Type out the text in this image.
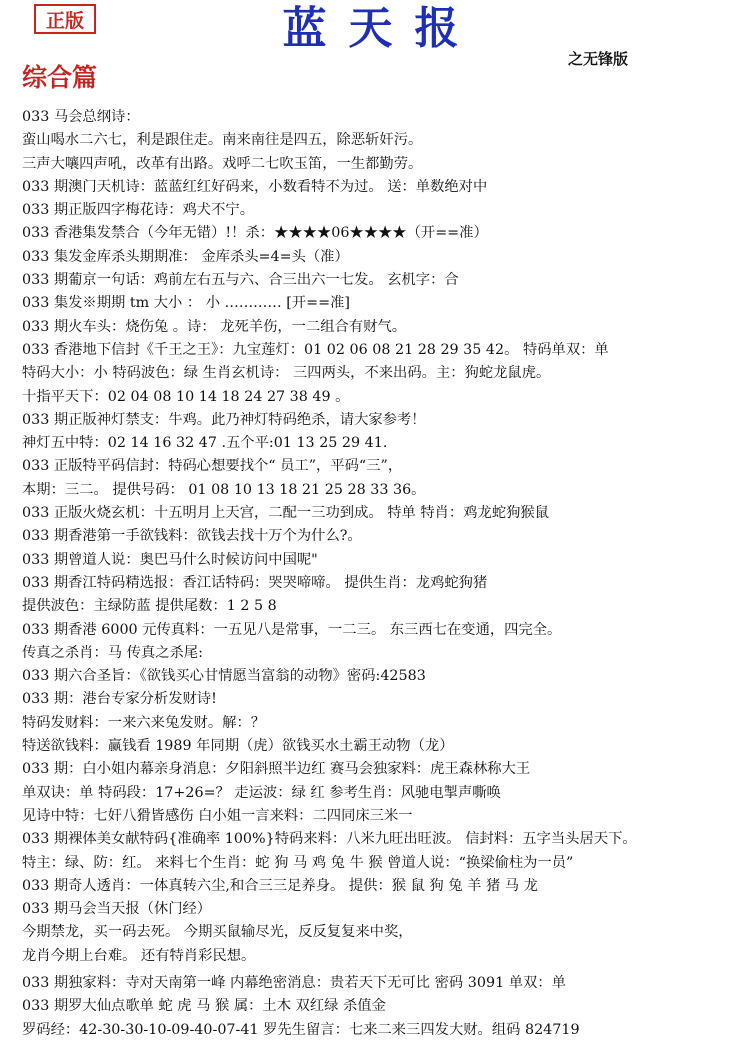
正版	蓝天报
之无锋版
综合篇
033 马会总纲诗：
蛮山喝水二六七，利是跟住走。南来南往是四五，除恶斩奸污。
三声大嚷四声吼，改革有出路。戏呼二七吹玉笛，一生都勤劳。
033 期澳门天机诗：蓝蓝红红好码来，小数看特不为过。 送：单数绝对中
033 期正版四字梅花诗：鸡犬不宁。
033 香港集发禁合（今年无错）!！杀：★★★★06★★★★（开==准）
033 集发金库杀头期期准： 金库杀头=4=头（准）
033 期葡京一句话：鸡前左右五与六、合三出六一七发。 玄机字：合
033 集发※期期 tm 大小 ： 小 ………… [开==准]
033 期火车头：烧伤兔 。诗： 龙死羊伤，一二组合有财气。
033 香港地下信封《千王之王》：九宝莲灯：01 02 06 08 21 28 29 35 42。 特码单双：单
特码大小：小 特码波色：绿 生肖玄机诗： 三四两头，不来出码。主：狗蛇龙鼠虎。
十指平天下：02 04 08 10 14 18 24 27 38 49 。
033 期正版神灯禁支：牛鸡。此乃神灯特码绝杀，请大家参考！
神灯五中特：02 14 16 32 47 .五个平:01 13 25 29 41.
033 正版特平码信封：特码心想要找个“ 员工”，平码“三”，
本期：三二。 提供号码： 01 08 10 13 18 21 25 28 33 36。
033 正版火烧玄机：十五明月上天宫，二配一三功到成。 特单 特肖：鸡龙蛇狗猴鼠
033 期香港第一手欲钱料：欲钱去找十万个为什么?。
033 期曾道人说：奥巴马什么时候访问中国呢"
033 期香江特码精选报：香江话特码：哭哭啼啼。 提供生肖：龙鸡蛇狗猪
提供波色：主绿防蓝 提供尾数：1 2 5 8
033 期香港 6000 元传真料：一五见八是常事，一二三。 东三西七在变通，四完全。
传真之杀肖：马 传真之杀尾:
033 期六合圣旨：《欲钱买心甘情愿当富翁的动物》密码:42583
033 期：港台专家分析发财诗!
特码发财料：一来六来兔发财。解：？
特送欲钱料：赢钱看 1989 年同期（虎）欲钱买水土霸王动物（龙）
033 期：白小姐内幕亲身消息：夕阳斜照半边红 赛马会独家料：虎王森林称大王
单双诀：单 特码段：17+26=？ 走运波：绿 红 参考生肖：风驰电掣声嘶唤
见诗中特：七奸八猾皆感伤 白小姐一言来料：二四同床三米一
033 期裸体美女献特码{准确率 100%}特码来料：八米九旺出旺波。 信封料：五字当头居天下。
特主：绿、防：红。 来料七个生肖：蛇 狗 马 鸡 兔 牛 猴 曾道人说：“换梁偷柱为一员”
033 期奇人透肖：一体真转六尘,和合三三足养身。 提供：猴 鼠 狗 兔 羊 猪 马 龙
033 期马会当天报（休门经）
今期禁龙，买一码去死。 今期买鼠输尽光，反反复复来中奖，
龙肖今期上台难。 还有特肖彩民想。
033 期独家料：寺对天南第一峰 内幕绝密消息：贵若天下无可比 密码 3091 单双：单
033 期罗大仙点歌单 蛇 虎 马 猴 属：土木 双红绿 杀值金
罗码经：42-30-30-10-09-40-07-41 罗先生留言：七来二来三四发大财。组码 824719
